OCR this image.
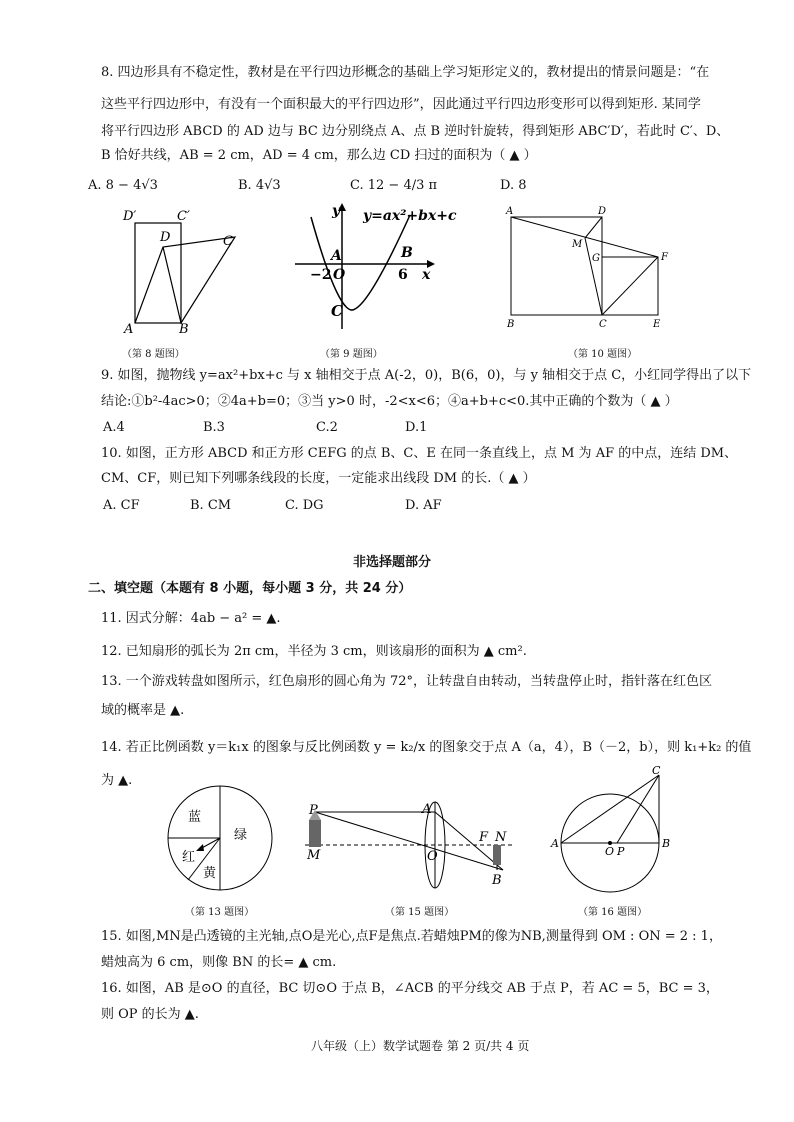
8. 四边形具有不稳定性，教材是在平行四边形概念的基础上学习矩形定义的，教材提出的情景问题是：“在
这些平行四边形中，有没有一个面积最大的平行四边形”，因此通过平行四边形变形可以得到矩形. 某同学
将平行四边形 ABCD 的 AD 边与 BC 边分别绕点 A、点 B 逆时针旋转，得到矩形 ABC′D′，若此时 C′、D、
B 恰好共线，AB = 2 cm，AD = 4 cm，那么边 CD 扫过的面积为（ ▲ ）
A. 8 − 4√3	B. 4√3	C. 12 − 4/3 π	D. 8
D′	C′
D	C
A	B
（第 8 题图）
y y=ax²+bx+c
A	B
−2 O	6 x
C
（第 9 题图）
A	D
M
G	F
B	C	E
（第 10 题图）
9. 如图，抛物线 y=ax²+bx+c 与 x 轴相交于点 A(-2，0)，B(6，0)，与 y 轴相交于点 C，小红同学得出了以下
结论:①b²-4ac>0；②4a+b=0；③当 y>0 时，-2<x<6；④a+b+c<0.其中正确的个数为（ ▲ ）
A.4	B.3	C.2	D.1
10. 如图，正方形 ABCD 和正方形 CEFG 的点 B、C、E 在同一条直线上，点 M 为 AF 的中点，连结 DM、
CM、CF，则已知下列哪条线段的长度，一定能求出线段 DM 的长.（ ▲ ）
A. CF	B. CM	C. DG	D. AF
非选择题部分
二、填空题（本题有 8 小题，每小题 3 分，共 24 分）
11. 因式分解：4ab − a² = ▲.
12. 已知扇形的弧长为 2π cm，半径为 3 cm，则该扇形的面积为 ▲ cm².
13. 一个游戏转盘如图所示，红色扇形的圆心角为 72°，让转盘自由转动，当转盘停止时，指针落在红色区
域的概率是 ▲.
14. 若正比例函数 y＝k₁x 的图象与反比例函数 y = k₂/x 的图象交于点 A（a，4），B（－2，b），则 k₁+k₂ 的值
为 ▲.
蓝
绿
红
黄
（第 13 题图）
P	A
F N
M	O
B
（第 15 题图）
C
A
O P
B
（第 16 题图）
15. 如图,MN是凸透镜的主光轴,点O是光心,点F是焦点.若蜡烛PM的像为NB,测量得到 OM : ON = 2 : 1，
蜡烛高为 6 cm，则像 BN 的长= ▲ cm.
16. 如图，AB 是⊙O 的直径，BC 切⊙O 于点 B，∠ACB 的平分线交 AB 于点 P，若 AC = 5，BC = 3，
则 OP 的长为 ▲.
八年级（上）数学试题卷 第 2 页/共 4 页
